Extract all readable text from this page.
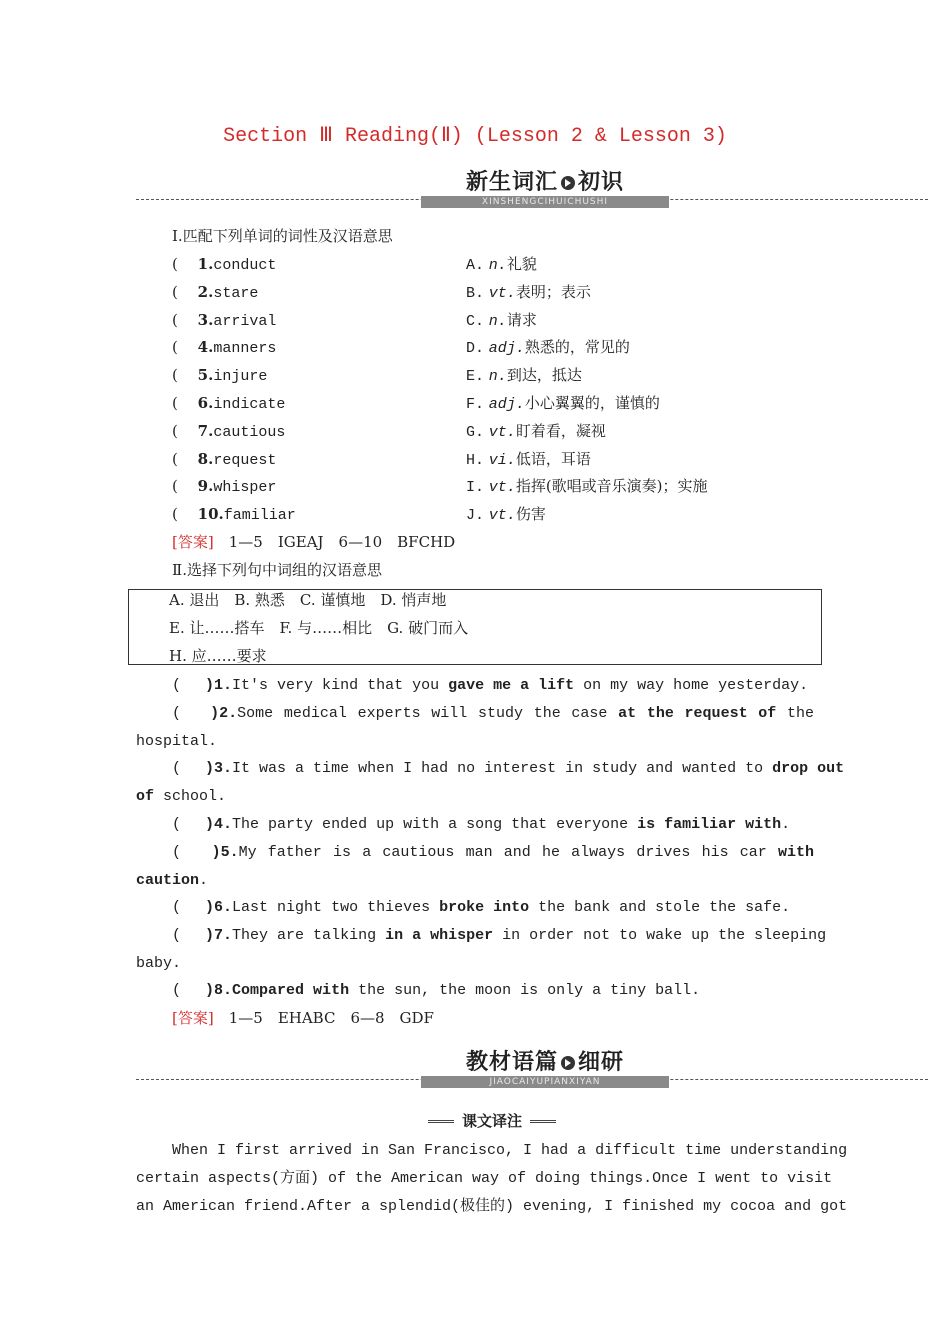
Section Ⅲ Reading(Ⅱ) (Lesson 2 & Lesson 3)
新生词汇 初识
XINSHENGCIHUICHUSHI
Ⅰ.匹配下列单词的词性及汉语意思
(　 1.conduct	A. n.礼貌
(　 2.stare	B. vt.表明；表示
(　 3.arrival	C. n.请求
(　 4.manners	D. adj.熟悉的，常见的
(　 5.injure	E. n.到达，抵达
(　 6.indicate	F. adj.小心翼翼的，谨慎的
(　 7.cautious	G. vt.盯着看，凝视
(　 8.request	H. vi.低语，耳语
(　 9.whisper	I. vt.指挥(歌唱或音乐演奏)；实施
(　 10.familiar	J. vt.伤害
[答案]　 1—5　IGEAJ　6—10　BFCHD
Ⅱ.选择下列句中词组的汉语意思
A. 退出　B. 熟悉　C. 谨慎地　D. 悄声地
E. 让……搭车　F. 与……相比　G. 破门而入
H. 应……要求
(　 )1.It's very kind that you gave me a lift on my way home yesterday.
(　 )2.Some medical experts will study the case at the request of the
hospital.
(　 )3.It was a time when I had no interest in study and wanted to drop out
of school.
(　 )4.The party ended up with a song that everyone is familiar with.
(　 )5.My father is a cautious man and he always drives his car with
caution.
(　 )6.Last night two thieves broke into the bank and stole the safe.
(　 )7.They are talking in a whisper in order not to wake up the sleeping
baby.
(　 )8.Compared with the sun, the moon is only a tiny ball.
[答案]　 1—5　EHABC　6—8　GDF
教材语篇 细研
JIAOCAIYUPIANXIYAN
课文译注
When I first arrived in San Francisco, I had a difficult time understanding
certain aspects(方面) of the American way of doing things.Once I went to visit
an American friend.After a splendid(极佳的) evening, I finished my cocoa and got
